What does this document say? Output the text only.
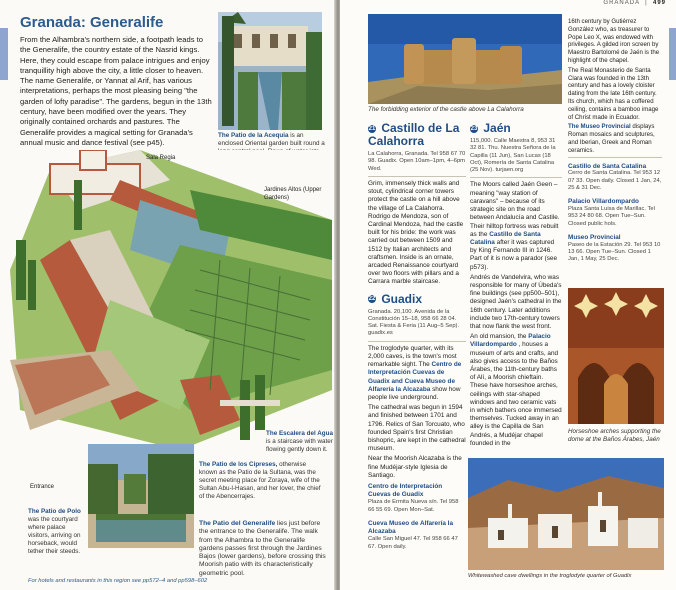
Granada: Generalife

From the Alhambra's northern side, a footpath leads to the Generalife, the country estate of the Nasrid kings. Here, they could escape from palace intrigues and enjoy tranquillity high above the city, a little closer to heaven. The name Generalife, or Yannat al Arif, has various interpretations, perhaps the most pleasing being "the garden of lofty paradise". The gardens, begun in the 13th century, have been modified over the years. They originally contained orchards and pastures. The Generalife provides a magical setting for Granada's annual music and dance festival (see p45).

The Patio de la Acequia is an enclosed Oriental garden built round a
Sala Regia
Jardines Altos (Upper Gardens)
Entrance
The Escalera del Agua is a staircase with water flowing gently down it.
The Patio de los Cipreses, otherwise known as the Patio de la Sultana, was the secret meeting place for Zoraya, wife of the Sultan Abu-l-Hasan, and her lover, the chief of the Abencerrajes.
The Patio de Polo was the courtyard where palace visitors, arriving on horseback, would tether their steeds.
The Patio del Generalife lies just before the entrance to the Generalife. The walk from the Alhambra to the Generalife gardens passes first through the Jardines Bajos (lower gardens), before crossing this Moorish patio with its characteristically geometric pool.
For hotels and restaurants in this region see pp572–4 and pp598–602
GRANADA  |  499
The forbidding exterior of the castle above La Calahorra
21 Castillo de La Calahorra
La Calahorra, Granada. Tel 958 67 70 98. Guadix. Open 10am–1pm, 4–6pm Wed.

Grim, immensely thick walls and stout, cylindrical corner towers protect the castle on a hill above the village of La Calahorra. Rodrigo de Mendoza, son of Cardinal Mendoza, had the castle built for his bride: the work was carried out between 1509 and 1512 by Italian architects and craftsmen. Inside is an ornate, arcaded Renaissance courtyard over two floors with pillars and a Carrara marble staircase.

22 Guadix
Granada. 20,100. Avenida de la Constitución 15–18, 958 66 28 04. Sat. Fiesta & Feria (11 Aug–5 Sep). guadix.es

The troglodyte quarter, with its 2,000 caves, is the town's most remarkable sight. The Centro de Interpretación Cuevas de Guadix and Cueva Museo de Alfarería la Alcazaba show how people live underground.

The cathedral was begun in 1594 and finished between 1701 and 1796. Relics of San Torcuato, who founded Spain's first Christian bishopric, are kept in the cathedral museum.

Near the Moorish Alcazaba is the fine Mudéjar-style Iglesia de Santiago.

Centro de Interpretación Cuevas de Guadix
Plaza de Ermita Nueva s/n. Tel 958 66 55 69. Open Mon–Sat.
Cueva Museo de Alfarería la Alcazaba
Calle San Miguel 47. Tel 958 66 47 67. Open daily.
23 Jaén
115,000. Calle Maestra 8, 953 31 32 81. Thu. Nuestra Señora de la Capilla (11 Jun), San Lucas (18 Oct), Romería de Santa Catalina (25 Nov). turjaen.org

The Moors called Jaén Geen – meaning "way station of caravans" – because of its strategic site on the road between Andalucía and Castile. Their hilltop fortress was rebuilt as the Castillo de Santa Catalina after it was captured by King Fernando III in 1246. Part of it is now a parador (see p573).

Andrés de Vandelvira, who was responsible for many of Úbeda's fine buildings (see pp500–501), designed Jaén's cathedral in the 16th century. Later additions include two 17th-century towers that now flank the west front.

An old mansion, the Palacio Villardompardo , houses a museum of arts and crafts, and also gives access to the Baños Árabes, the 11th-century baths of Alí, a Moorish chieftain. These have horseshoe arches, ceilings with star-shaped windows and two ceramic vats in which bathers once immersed themselves. Tucked away in an alley is the Capilla de San Andrés, a Mudéjar chapel founded in the

16th century by Gutiérrez González who, as treasurer to Pope Leo X, was endowed with privileges. A gilded iron screen by Maestro Bartolomé de Jaén is the highlight of the chapel.

The Real Monasterio de Santa Clara was founded in the 13th century and has a lovely cloister dating from the late 16th century. Its church, which has a coffered ceiling, contains a bamboo image of Christ made in Ecuador.

The Museo Provincial displays Roman mosaics and sculptures, and Iberian, Greek and Roman ceramics.

Castillo de Santa Catalina
Cerro de Santa Catalina. Tel 953 12 07 33. Open daily. Closed 1 Jan, 24, 25 & 31 Dec.
Palacio Villardompardo
Plaza Santa Luisa de Marillac. Tel 953 24 80 68. Open Tue–Sun. Closed public hols.
Museo Provincial
Paseo de la Estación 29. Tel 953 10 13 66. Open Tue–Sun. Closed 1 Jan, 1 May, 25 Dec.
Horseshoe arches supporting the dome at the Baños Árabes, Jaén
Whitewashed cave dwellings in the troglodyte quarter of Guadix
